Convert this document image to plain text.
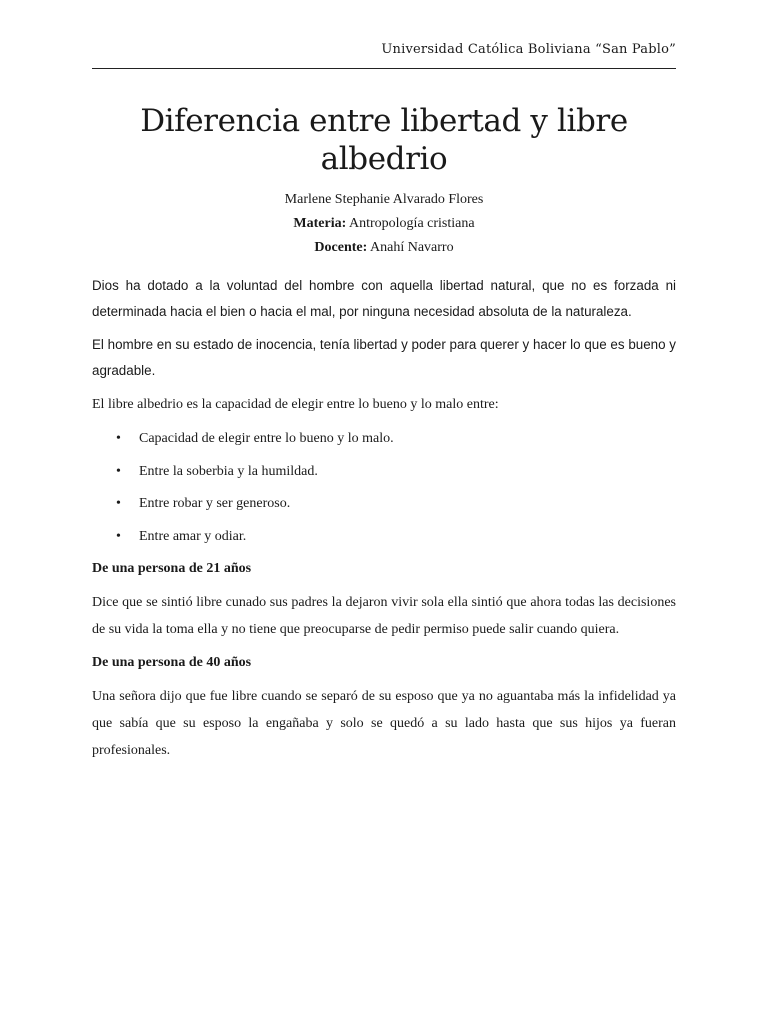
Universidad Católica Boliviana “San Pablo”
Diferencia entre libertad y libre
albedrio
Marlene Stephanie Alvarado Flores
Materia: Antropología cristiana
Docente: Anahí Navarro

Dios ha dotado a la voluntad del hombre con aquella libertad natural, que no es forzada ni determinada hacia el bien o hacia el mal, por ninguna necesidad absoluta de la naturaleza.

El hombre en su estado de inocencia, tenía libertad y poder para querer y hacer lo que es bueno y agradable.

El libre albedrio es la capacidad de elegir entre lo bueno y lo malo entre:

• Capacidad de elegir entre lo bueno y lo malo.
• Entre la soberbia y la humildad.
• Entre robar y ser generoso.
• Entre amar y odiar.

De una persona de 21 años

Dice que se sintió libre cunado sus padres la dejaron vivir sola ella sintió que ahora todas las decisiones de su vida la toma ella y no tiene que preocuparse de pedir permiso puede salir cuando quiera.

De una persona de 40 años

Una señora dijo que fue libre cuando se separó de su esposo que ya no aguantaba más la infidelidad ya que sabía que su esposo la engañaba y solo se quedó a su lado hasta que sus hijos ya fueran profesionales.
